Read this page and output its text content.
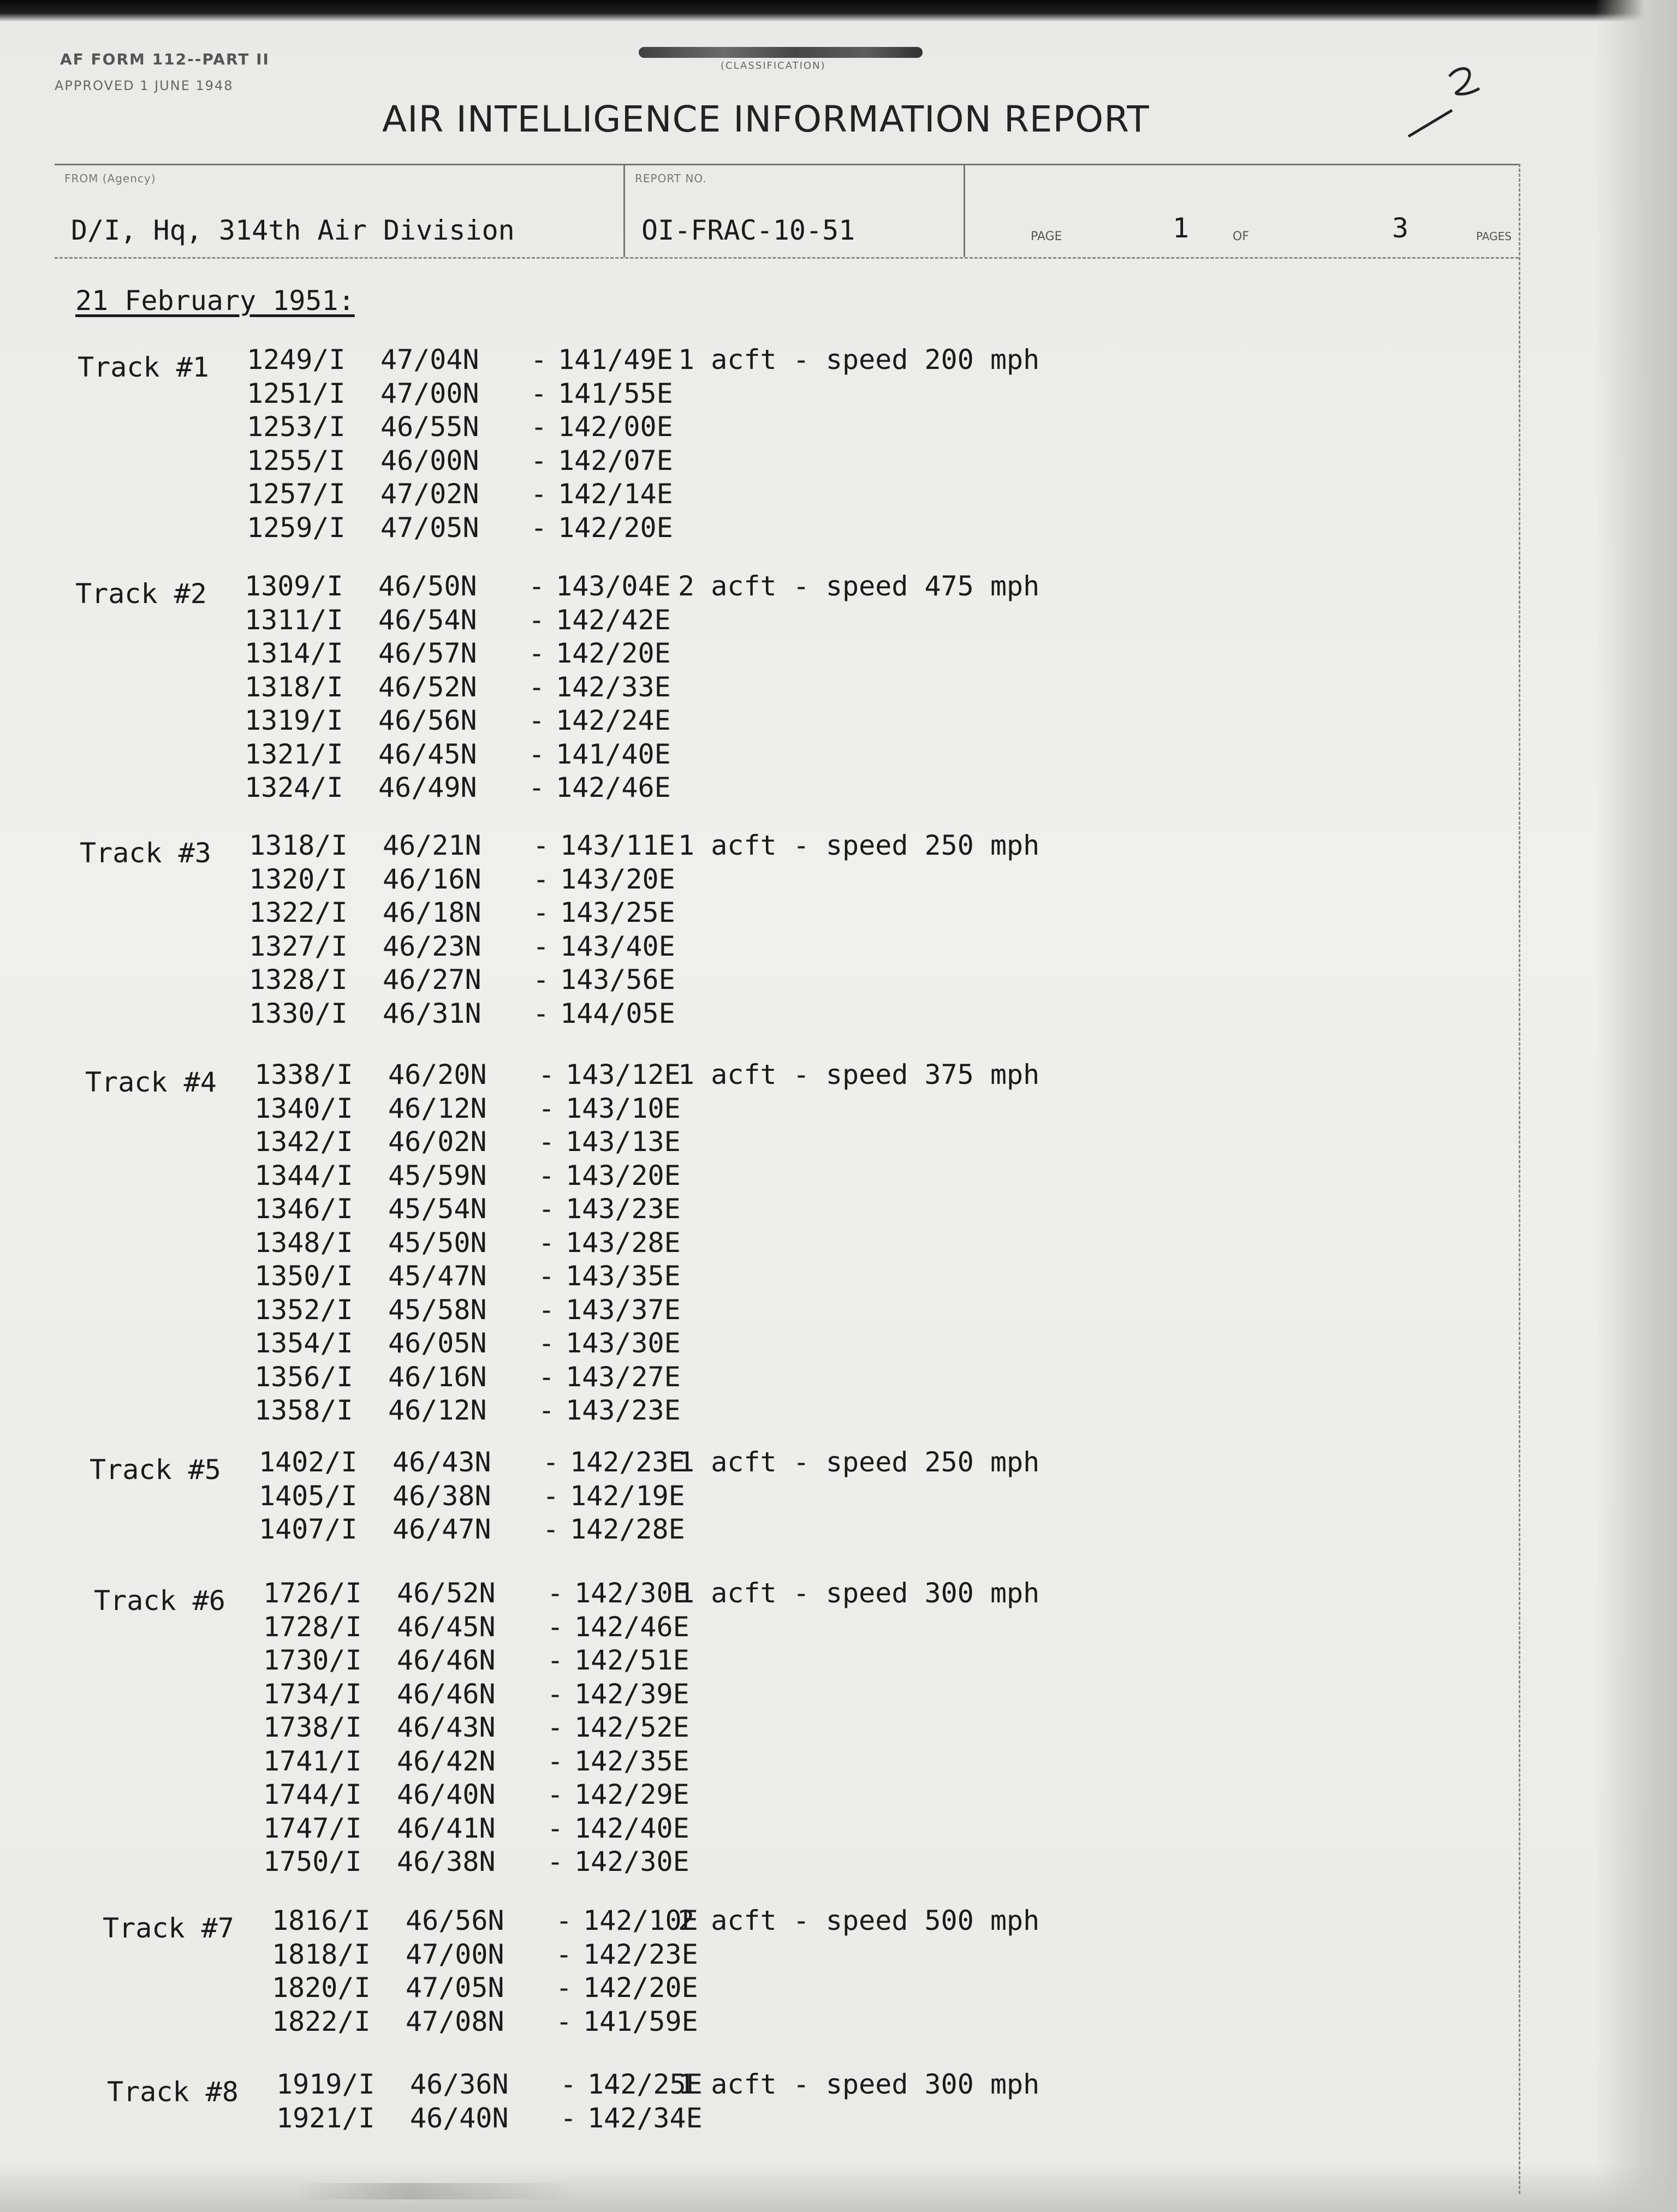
AF FORM 112--PART II
APPROVED 1 JUNE 1948
(CLASSIFICATION)
AIR INTELLIGENCE INFORMATION REPORT
FROM (Agency)
D/I, Hq, 314th Air Division
REPORT NO.
OI-FRAC-10-51	PAGE	1	OF	3	PAGES
21 February 1951:
Track #1	1 acft - speed 200 mph
1249/I 47/04N - 141/49E
1251/I 47/00N - 141/55E
1253/I 46/55N - 142/00E
1255/I 46/00N - 142/07E
1257/I 47/02N - 142/14E
1259/I 47/05N - 142/20E
Track #2	2 acft - speed 475 mph
1309/I 46/50N - 143/04E
1311/I 46/54N - 142/42E
1314/I 46/57N - 142/20E
1318/I 46/52N - 142/33E
1319/I 46/56N - 142/24E
1321/I 46/45N - 141/40E
1324/I 46/49N - 142/46E
Track #3	1 acft - speed 250 mph
1318/I 46/21N - 143/11E
1320/I 46/16N - 143/20E
1322/I 46/18N - 143/25E
1327/I 46/23N - 143/40E
1328/I 46/27N - 143/56E
1330/I 46/31N - 144/05E
Track #4	1 acft - speed 375 mph
1338/I 46/20N - 143/12E
1340/I 46/12N - 143/10E
1342/I 46/02N - 143/13E
1344/I 45/59N - 143/20E
1346/I 45/54N - 143/23E
1348/I 45/50N - 143/28E
1350/I 45/47N - 143/35E
1352/I 45/58N - 143/37E
1354/I 46/05N - 143/30E
1356/I 46/16N - 143/27E
1358/I 46/12N - 143/23E
Track #5	1 acft - speed 250 mph
1402/I 46/43N - 142/23E
1405/I 46/38N - 142/19E
1407/I 46/47N - 142/28E
Track #6	1 acft - speed 300 mph
1726/I 46/52N - 142/30E
1728/I 46/45N - 142/46E
1730/I 46/46N - 142/51E
1734/I 46/46N - 142/39E
1738/I 46/43N - 142/52E
1741/I 46/42N - 142/35E
1744/I 46/40N - 142/29E
1747/I 46/41N - 142/40E
1750/I 46/38N - 142/30E
Track #7	2 acft - speed 500 mph
1816/I 46/56N - 142/10E
1818/I 47/00N - 142/23E
1820/I 47/05N - 142/20E
1822/I 47/08N - 141/59E
Track #8	1 acft - speed 300 mph
1919/I 46/36N - 142/25E
1921/I 46/40N - 142/34E
